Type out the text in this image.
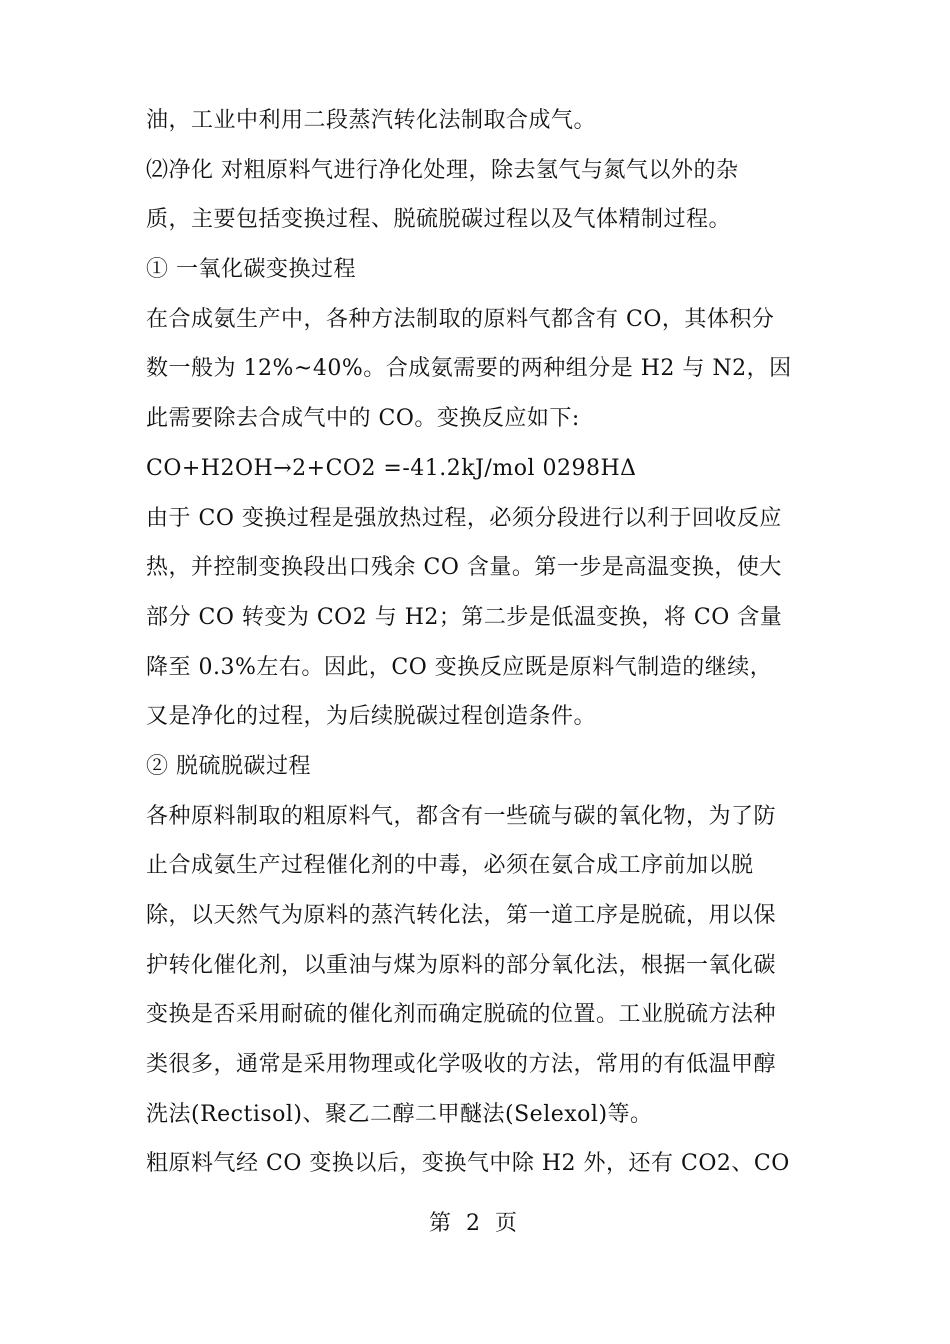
油，工业中利用二段蒸汽转化法制取合成气。
⑵净化 对粗原料气进行净化处理，除去氢气与氮气以外的杂
质，主要包括变换过程、脱硫脱碳过程以及气体精制过程。
① 一氧化碳变换过程
在合成氨生产中，各种方法制取的原料气都含有 CO，其体积分
数一般为 12%~40%。合成氨需要的两种组分是 H2 与 N2，因
此需要除去合成气中的 CO。变换反应如下:
CO+H2OH→2+CO2 =-41.2kJ/mol 0298HΔ
由于 CO 变换过程是强放热过程，必须分段进行以利于回收反应
热，并控制变换段出口残余 CO 含量。第一步是高温变换，使大
部分 CO 转变为 CO2 与 H2；第二步是低温变换，将 CO 含量
降至 0.3%左右。因此，CO 变换反应既是原料气制造的继续，
又是净化的过程，为后续脱碳过程创造条件。
② 脱硫脱碳过程
各种原料制取的粗原料气，都含有一些硫与碳的氧化物，为了防
止合成氨生产过程催化剂的中毒，必须在氨合成工序前加以脱
除，以天然气为原料的蒸汽转化法，第一道工序是脱硫，用以保
护转化催化剂，以重油与煤为原料的部分氧化法，根据一氧化碳
变换是否采用耐硫的催化剂而确定脱硫的位置。工业脱硫方法种
类很多，通常是采用物理或化学吸收的方法，常用的有低温甲醇
洗法(Rectisol)、聚乙二醇二甲醚法(Selexol)等。
粗原料气经 CO 变换以后，变换气中除 H2 外，还有 CO2、CO
第 2 页
